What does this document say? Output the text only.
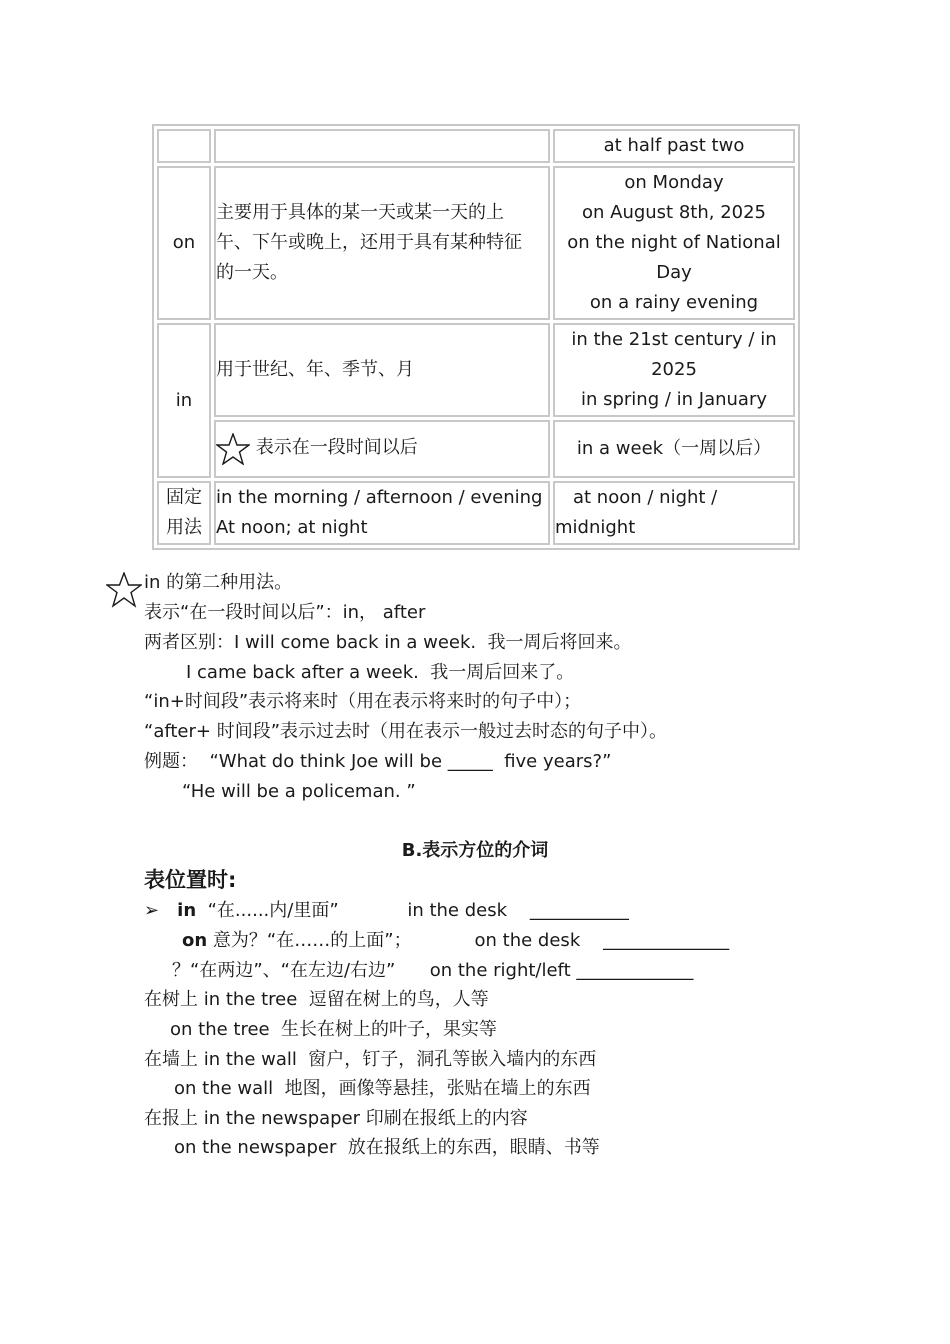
		at half past two
on	主要用于具体的某一天或某一天的上
午、下午或晚上，还用于具有某种特征
的一天。	on Monday
on August 8th, 2025
on the night of National
Day
on a rainy evening

in	用于世纪、年、季节、月	in the 21st century / in
2025
in spring / in January

	表示在一段时间以后	in a week（一周以后）

固定
用法	in the morning / afternoon / evening
At noon; at night	at noon / night /
midnight
in 的第二种用法。
表示“在一段时间以后”：in， after
两者区别：I will come back in a week.  我一周后将回来。
I came back after a week.  我一周后回来了。
“in+时间段”表示将来时（用在表示将来时的句子中）；
“after+ 时间段”表示过去时（用在表示一般过去时态的句子中）。
例题：  “What do think Joe will be _____  five years?”
“He will be a policeman. ”
B.表示方位的介词
表位置时:
➢ in “在......内/里面”	in the desk    ___________
on 意为？“在……的上面”；	on the desk    ______________
？“在两边”、“在左边/右边” on the right/left _____________
在树上 in the tree  逗留在树上的鸟，人等
on the tree  生长在树上的叶子，果实等
在墙上 in the wall  窗户，钉子，洞孔等嵌入墙内的东西
on the wall  地图，画像等悬挂，张贴在墙上的东西
在报上 in the newspaper 印刷在报纸上的内容
on the newspaper  放在报纸上的东西，眼睛、书等
